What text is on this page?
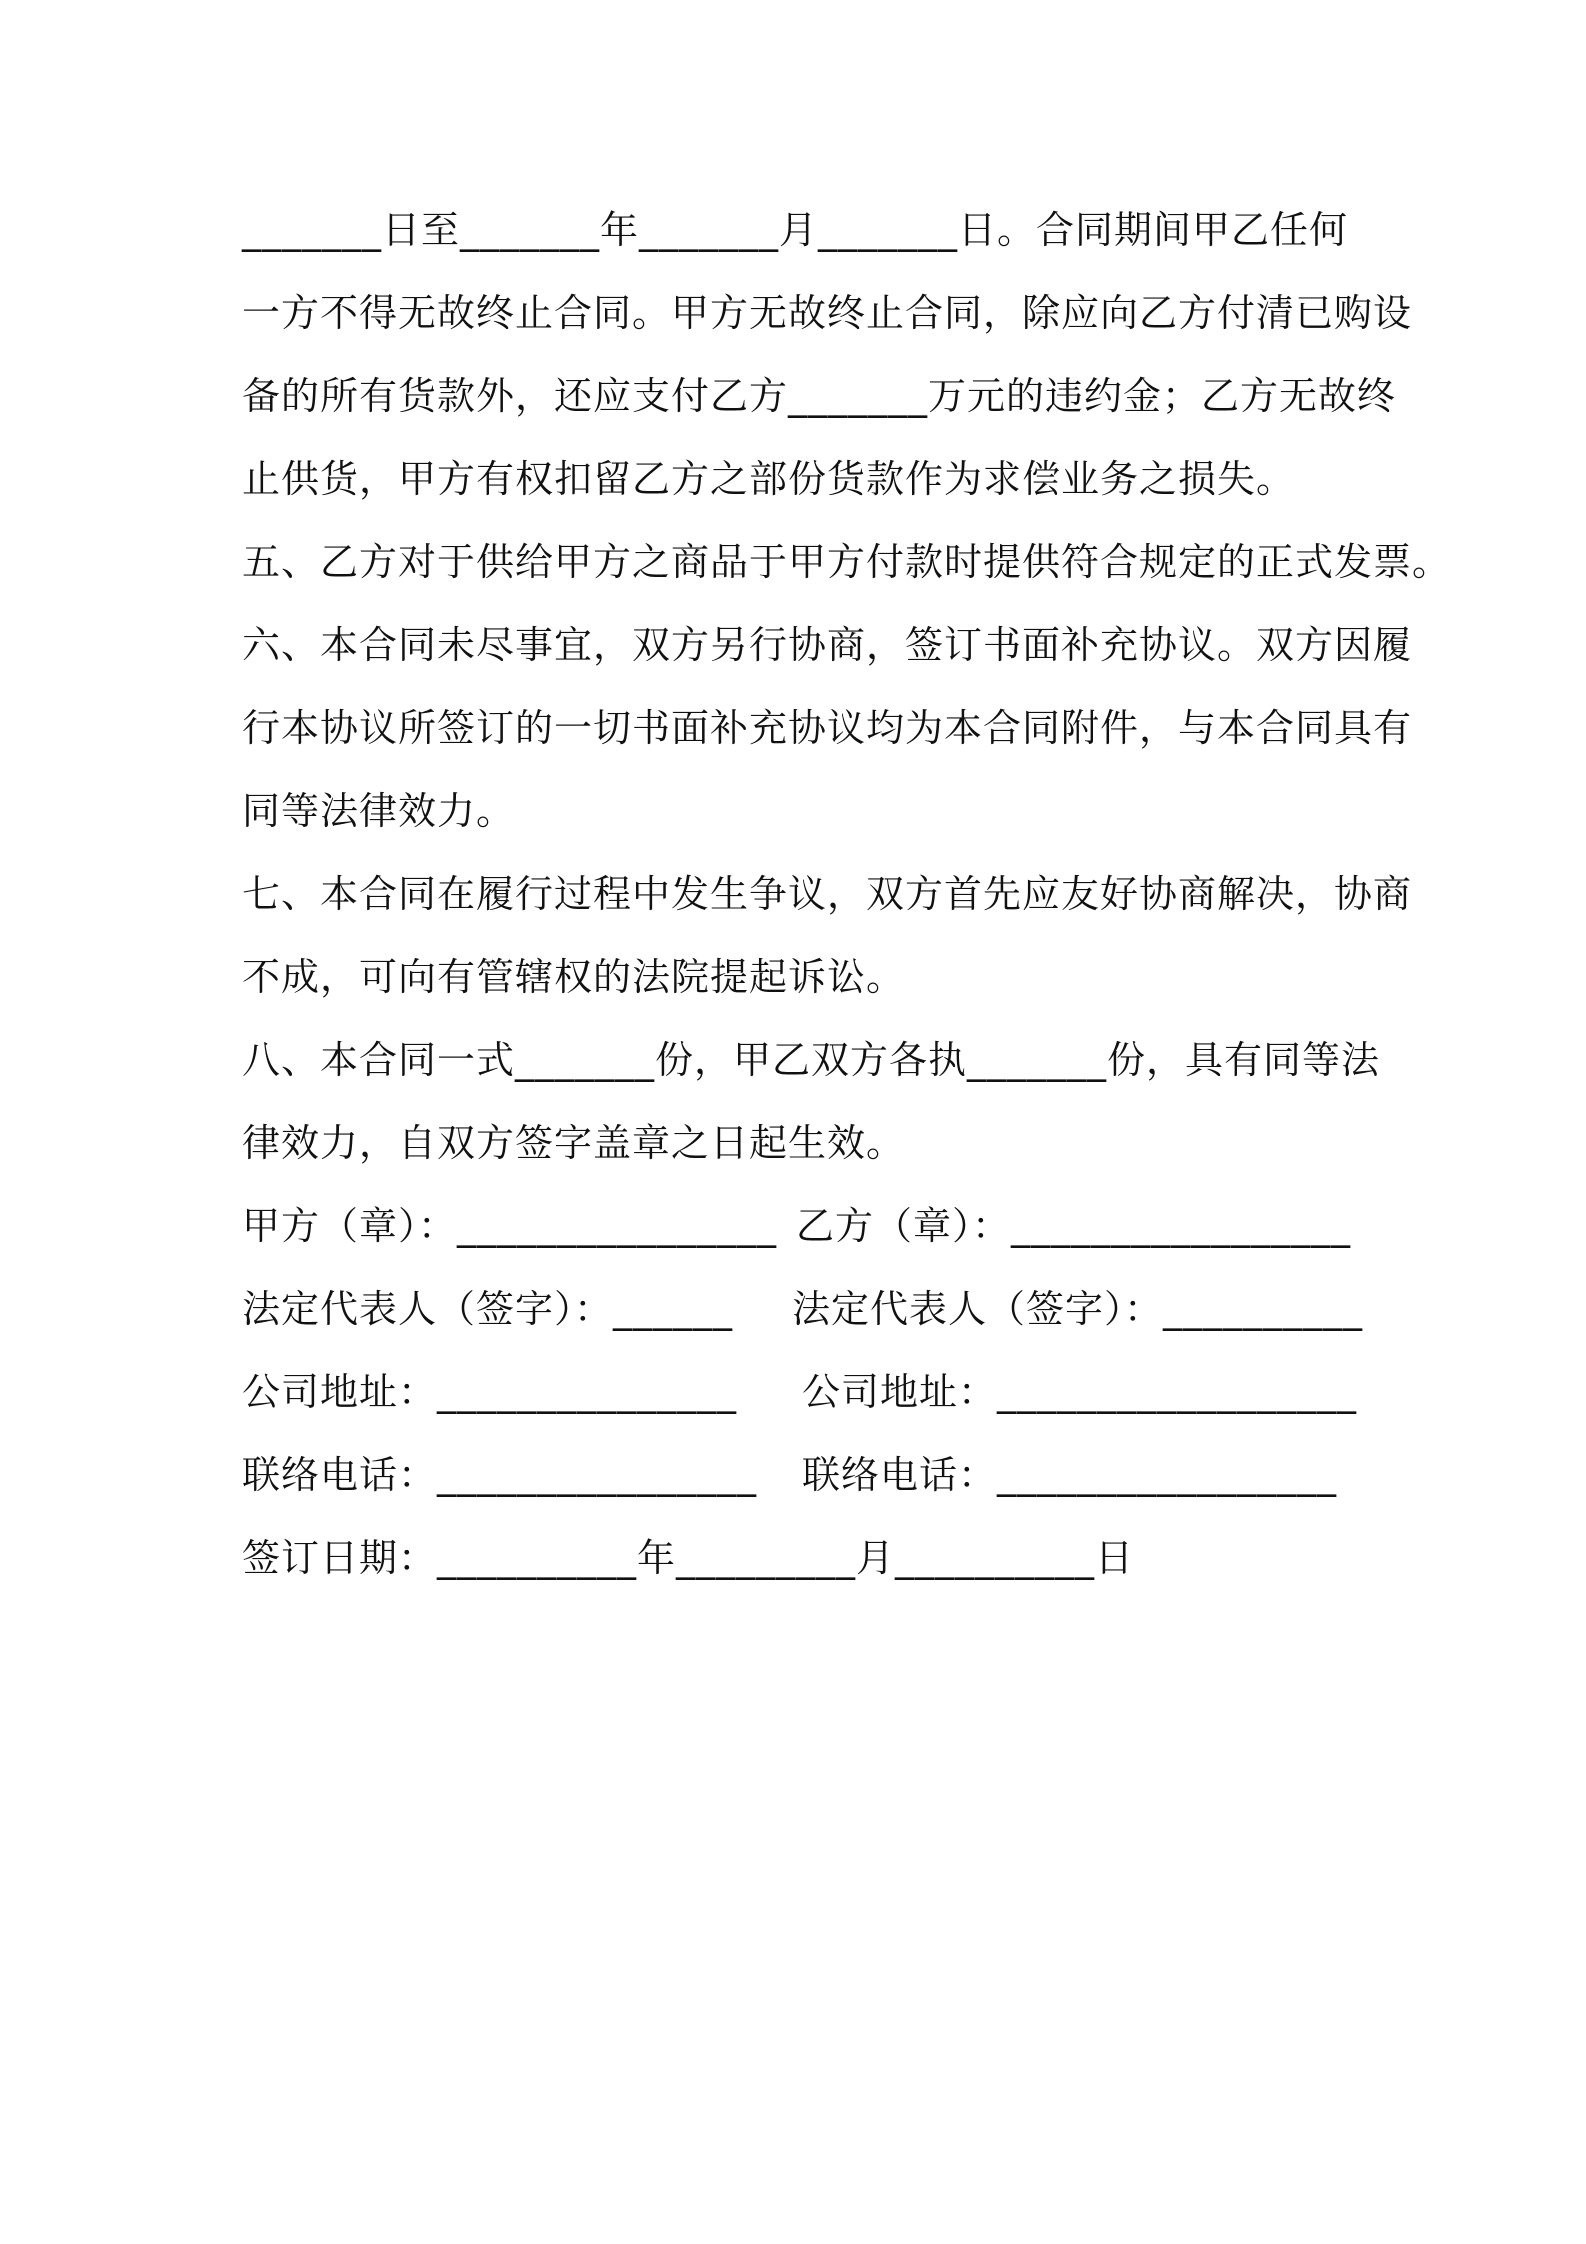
_______日至_______年_______月_______日。合同期间甲乙任何
一方不得无故终止合同。甲方无故终止合同，除应向乙方付清已购设
备的所有货款外，还应支付乙方_______万元的违约金；乙方无故终
止供货，甲方有权扣留乙方之部份货款作为求偿业务之损失。
五、乙方对于供给甲方之商品于甲方付款时提供符合规定的正式发票。
六、本合同未尽事宜，双方另行协商，签订书面补充协议。双方因履
行本协议所签订的一切书面补充协议均为本合同附件，与本合同具有
同等法律效力。
七、本合同在履行过程中发生争议，双方首先应友好协商解决，协商
不成，可向有管辖权的法院提起诉讼。
八、本合同一式_______份，甲乙双方各执_______份，具有同等法
律效力，自双方签字盖章之日起生效。
甲方（章）：________________ 乙方（章）：_________________
法定代表人（签字）：______ 法定代表人（签字）：__________
公司地址：_______________ 公司地址：__________________
联络电话：________________ 联络电话：_________________
签订日期：__________年_________月__________日
